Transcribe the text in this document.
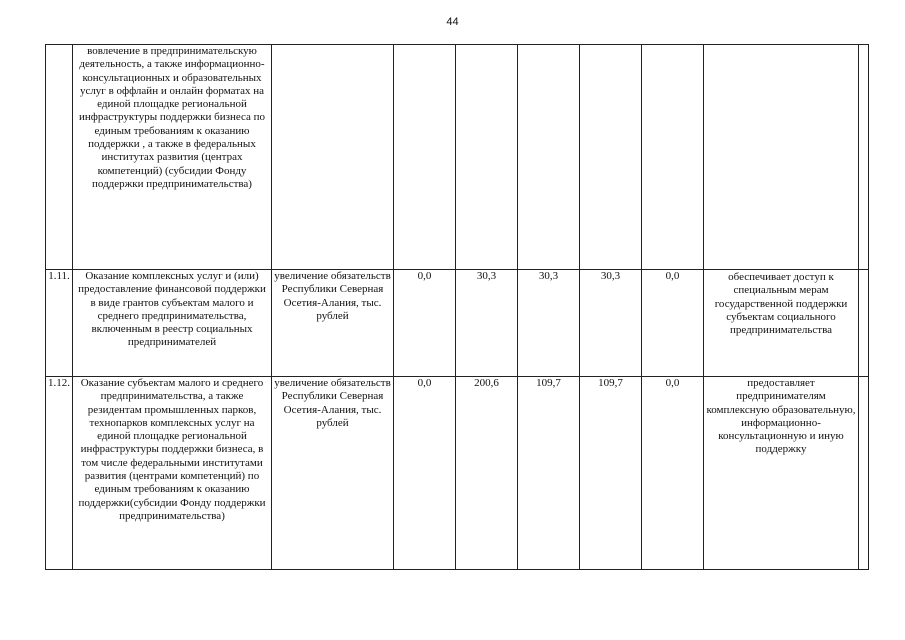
44
	вовлечение в предпринимательскую деятельность, а также информационно-консультационных и образовательных услуг в оффлайн и онлайн форматах на единой площадке региональной инфраструктуры поддержки бизнеса по единым требованиям к оказанию поддержки , а также в федеральных институтах развития (центрах компетенций) (субсидии Фонду поддержки предпринимательства)								
1.11.	Оказание комплексных услуг и (или) предоставление финансовой поддержки в виде грантов субъектам малого и среднего предпринимательства, включенным в реестр социальных предпринимателей	увеличение обязательств Республики Северная Осетия-Алания, тыс. рублей	0,0	30,3	30,3	30,3	0,0	обеспечивает доступ к специальным мерам государственной поддержки субъектам социального предпринимательства	
1.12.	Оказание субъектам малого и среднего предпринимательства, а также резидентам промышленных парков, технопарков комплексных услуг на единой площадке региональной инфраструктуры поддержки бизнеса, в том числе федеральными институтами развития (центрами компетенций) по единым требованиям к оказанию поддержки(субсидии Фонду поддержки предпринимательства)	увеличение обязательств Республики Северная Осетия-Алания, тыс. рублей	0,0	200,6	109,7	109,7	0,0	предоставляет предпринимателям комплексную образовательную, информационно-консультационную и иную поддержку	
